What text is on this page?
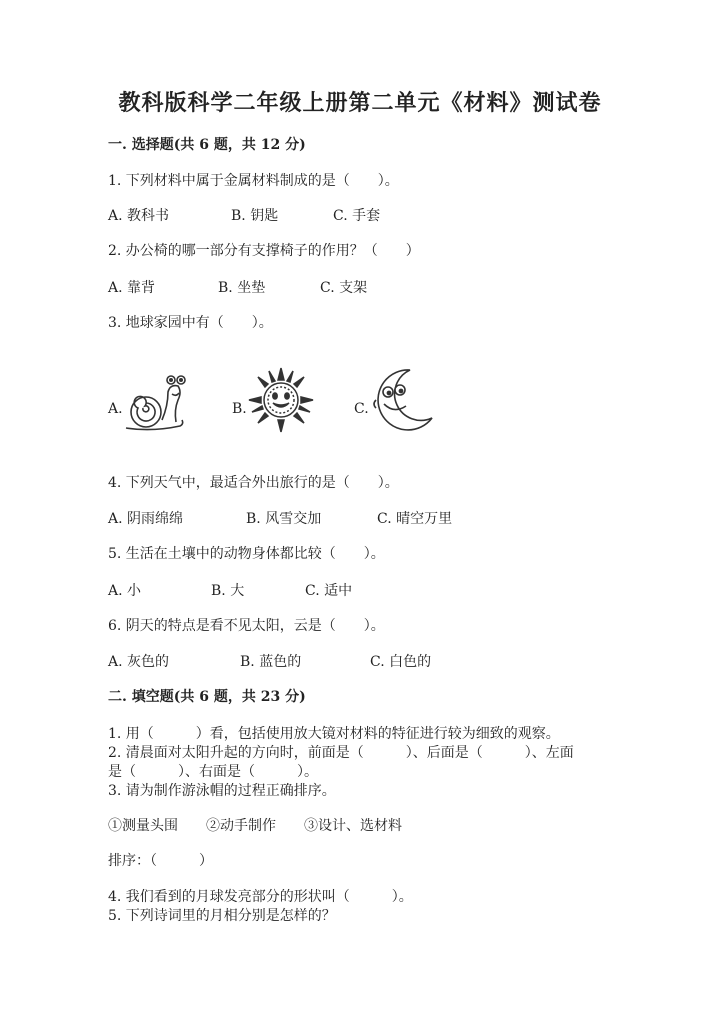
教科版科学二年级上册第二单元《材料》测试卷
一. 选择题(共 6 题，共 12 分)
1. 下列材料中属于金属材料制成的是（　　）。
A. 教科书	B. 钥匙	C. 手套
2. 办公椅的哪一部分有支撑椅子的作用？（　　）
A. 靠背	B. 坐垫	C. 支架
3. 地球家园中有（　　）。
A.	B.	C.
4. 下列天气中，最适合外出旅行的是（　　）。
A. 阴雨绵绵	B. 风雪交加	C. 晴空万里
5. 生活在土壤中的动物身体都比较（　　）。
A. 小	B. 大	C. 适中
6. 阴天的特点是看不见太阳，云是（　　）。
A. 灰色的	B. 蓝色的	C. 白色的
二. 填空题(共 6 题，共 23 分)
1. 用（　　　）看，包括使用放大镜对材料的特征进行较为细致的观察。
2. 清晨面对太阳升起的方向时，前面是（　　　）、后面是（　　　）、左面
是（　　　）、右面是（　　　）。
3. 请为制作游泳帽的过程正确排序。
①测量头围　　②动手制作　　③设计、选材料
排序：（　　　）
4. 我们看到的月球发亮部分的形状叫（　　　）。
5. 下列诗词里的月相分别是怎样的？
